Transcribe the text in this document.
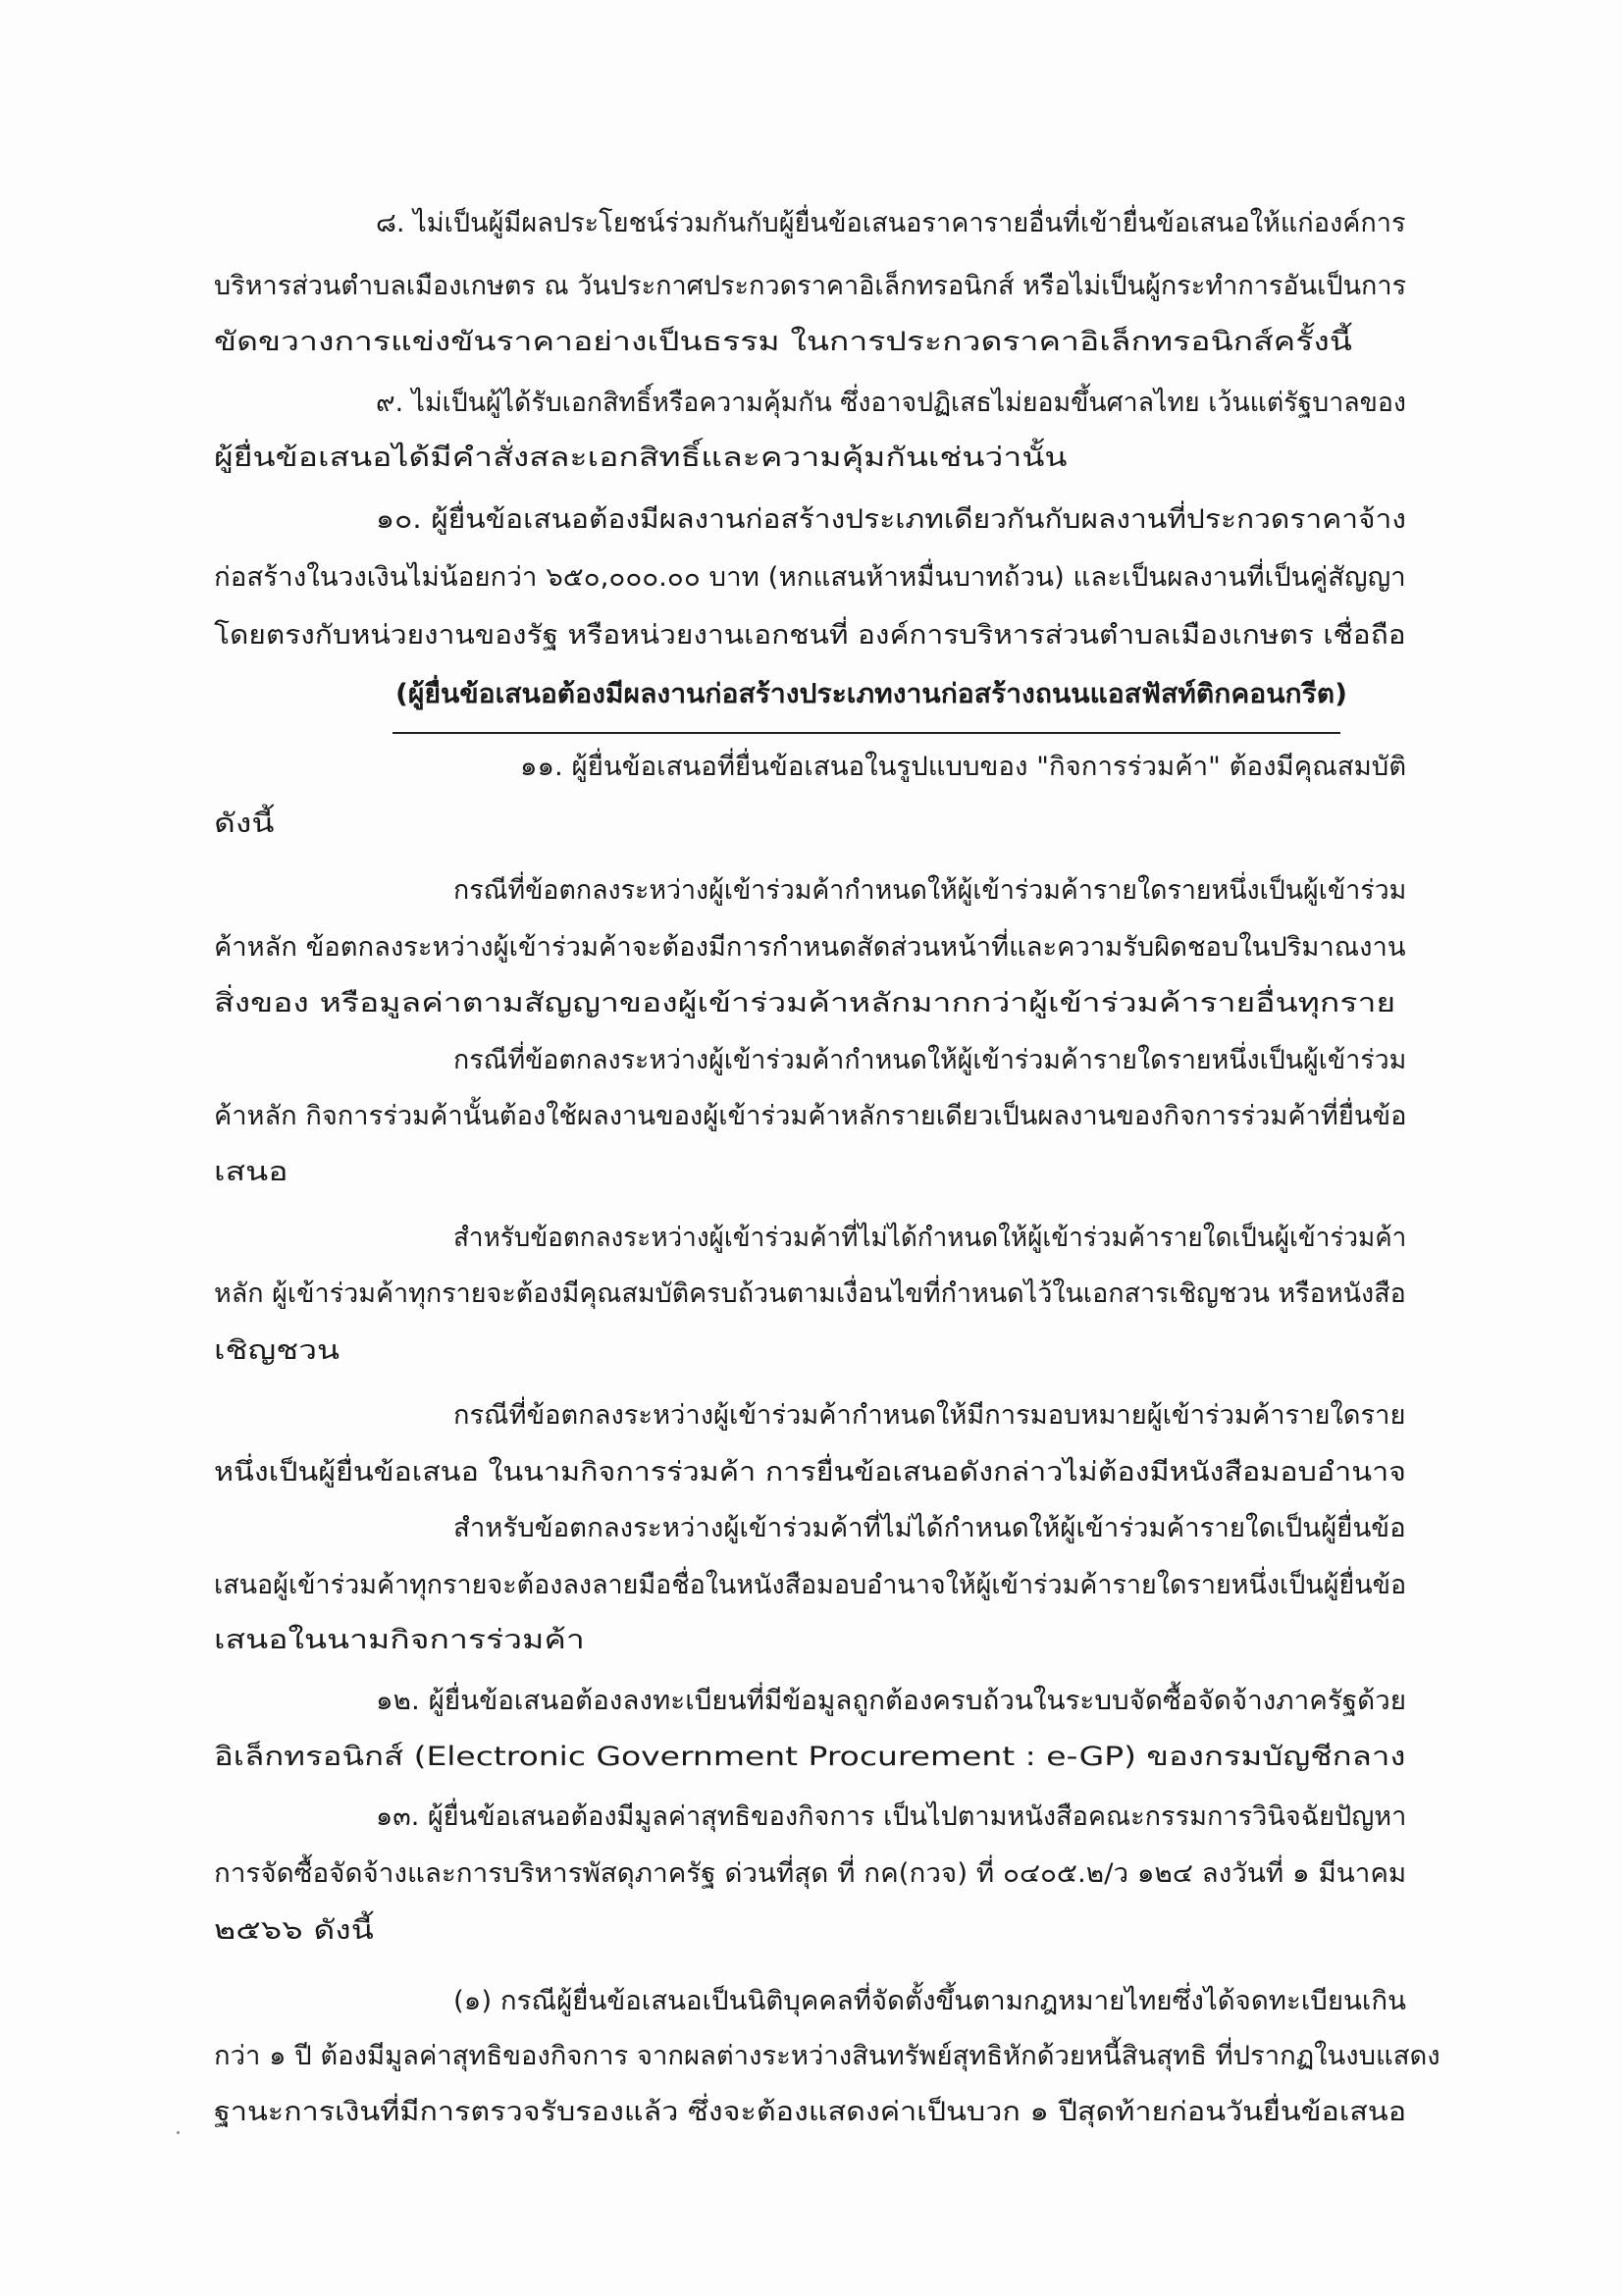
๘. ไม่เป็นผู้มีผลประโยชน์ร่วมกันกับผู้ยื่นข้อเสนอราคารายอื่นที่เข้ายื่นข้อเสนอให้แก่องค์การ
บริหารส่วนตำบลเมืองเกษตร ณ วันประกาศประกวดราคาอิเล็กทรอนิกส์ หรือไม่เป็นผู้กระทำการอันเป็นการ
ขัดขวางการแข่งขันราคาอย่างเป็นธรรม ในการประกวดราคาอิเล็กทรอนิกส์ครั้งนี้
๙. ไม่เป็นผู้ได้รับเอกสิทธิ์หรือความคุ้มกัน ซึ่งอาจปฏิเสธไม่ยอมขึ้นศาลไทย เว้นแต่รัฐบาลของ
ผู้ยื่นข้อเสนอได้มีคำสั่งสละเอกสิทธิ์และความคุ้มกันเช่นว่านั้น
๑๐. ผู้ยื่นข้อเสนอต้องมีผลงานก่อสร้างประเภทเดียวกันกับผลงานที่ประกวดราคาจ้าง
ก่อสร้างในวงเงินไม่น้อยกว่า ๖๕๐,๐๐๐.๐๐ บาท (หกแสนห้าหมื่นบาทถ้วน) และเป็นผลงานที่เป็นคู่สัญญา
โดยตรงกับหน่วยงานของรัฐ หรือหน่วยงานเอกชนที่ องค์การบริหารส่วนตำบลเมืองเกษตร เชื่อถือ
(ผู้ยื่นข้อเสนอต้องมีผลงานก่อสร้างประเภทงานก่อสร้างถนนแอสฟัสท์ติกคอนกรีต)
๑๑. ผู้ยื่นข้อเสนอที่ยื่นข้อเสนอในรูปแบบของ "กิจการร่วมค้า" ต้องมีคุณสมบัติ
ดังนี้
กรณีที่ข้อตกลงระหว่างผู้เข้าร่วมค้ากำหนดให้ผู้เข้าร่วมค้ารายใดรายหนึ่งเป็นผู้เข้าร่วม
ค้าหลัก ข้อตกลงระหว่างผู้เข้าร่วมค้าจะต้องมีการกำหนดสัดส่วนหน้าที่และความรับผิดชอบในปริมาณงาน
สิ่งของ หรือมูลค่าตามสัญญาของผู้เข้าร่วมค้าหลักมากกว่าผู้เข้าร่วมค้ารายอื่นทุกราย
กรณีที่ข้อตกลงระหว่างผู้เข้าร่วมค้ากำหนดให้ผู้เข้าร่วมค้ารายใดรายหนึ่งเป็นผู้เข้าร่วม
ค้าหลัก กิจการร่วมค้านั้นต้องใช้ผลงานของผู้เข้าร่วมค้าหลักรายเดียวเป็นผลงานของกิจการร่วมค้าที่ยื่นข้อ
เสนอ
สำหรับข้อตกลงระหว่างผู้เข้าร่วมค้าที่ไม่ได้กำหนดให้ผู้เข้าร่วมค้ารายใดเป็นผู้เข้าร่วมค้า
หลัก ผู้เข้าร่วมค้าทุกรายจะต้องมีคุณสมบัติครบถ้วนตามเงื่อนไขที่กำหนดไว้ในเอกสารเชิญชวน หรือหนังสือ
เชิญชวน
กรณีที่ข้อตกลงระหว่างผู้เข้าร่วมค้ากำหนดให้มีการมอบหมายผู้เข้าร่วมค้ารายใดราย
หนึ่งเป็นผู้ยื่นข้อเสนอ ในนามกิจการร่วมค้า การยื่นข้อเสนอดังกล่าวไม่ต้องมีหนังสือมอบอำนาจ
สำหรับข้อตกลงระหว่างผู้เข้าร่วมค้าที่ไม่ได้กำหนดให้ผู้เข้าร่วมค้ารายใดเป็นผู้ยื่นข้อ
เสนอผู้เข้าร่วมค้าทุกรายจะต้องลงลายมือชื่อในหนังสือมอบอำนาจให้ผู้เข้าร่วมค้ารายใดรายหนึ่งเป็นผู้ยื่นข้อ
เสนอในนามกิจการร่วมค้า
๑๒. ผู้ยื่นข้อเสนอต้องลงทะเบียนที่มีข้อมูลถูกต้องครบถ้วนในระบบจัดซื้อจัดจ้างภาครัฐด้วย
อิเล็กทรอนิกส์ (Electronic Government Procurement : e-GP) ของกรมบัญชีกลาง
๑๓. ผู้ยื่นข้อเสนอต้องมีมูลค่าสุทธิของกิจการ เป็นไปตามหนังสือคณะกรรมการวินิจฉัยปัญหา
การจัดซื้อจัดจ้างและการบริหารพัสดุภาครัฐ ด่วนที่สุด ที่ กค(กวจ) ที่ ๐๔๐๕.๒/ว ๑๒๔ ลงวันที่ ๑ มีนาคม
๒๕๖๖ ดังนี้
(๑) กรณีผู้ยื่นข้อเสนอเป็นนิติบุคคลที่จัดตั้งขึ้นตามกฎหมายไทยซึ่งได้จดทะเบียนเกิน
กว่า ๑ ปี ต้องมีมูลค่าสุทธิของกิจการ จากผลต่างระหว่างสินทรัพย์สุทธิหักด้วยหนี้สินสุทธิ ที่ปรากฏในงบแสดง
ฐานะการเงินที่มีการตรวจรับรองแล้ว ซึ่งจะต้องแสดงค่าเป็นบวก ๑ ปีสุดท้ายก่อนวันยื่นข้อเสนอ
